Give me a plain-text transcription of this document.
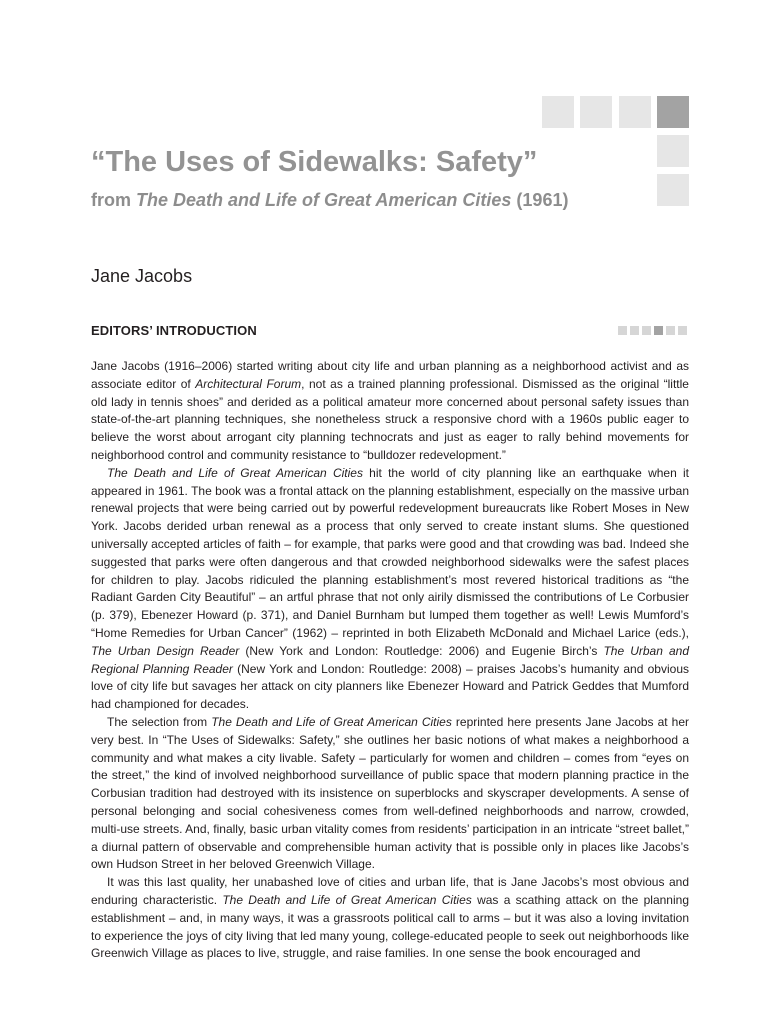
“The Uses of Sidewalks: Safety”
from The Death and Life of Great American Cities (1961)
Jane Jacobs
EDITORS’ INTRODUCTION

Jane Jacobs (1916–2006) started writing about city life and urban planning as a neighborhood activist and as associate editor of Architectural Forum, not as a trained planning professional. Dismissed as the original “little old lady in tennis shoes” and derided as a political amateur more concerned about personal safety issues than state-of-the-art planning techniques, she nonetheless struck a responsive chord with a 1960s public eager to believe the worst about arrogant city planning technocrats and just as eager to rally behind movements for neighborhood control and community resistance to “bulldozer redevelopment.”

The Death and Life of Great American Cities hit the world of city planning like an earthquake when it appeared in 1961. The book was a frontal attack on the planning establishment, especially on the massive urban renewal projects that were being carried out by powerful redevelopment bureaucrats like Robert Moses in New York. Jacobs derided urban renewal as a process that only served to create instant slums. She questioned universally accepted articles of faith – for example, that parks were good and that crowding was bad. Indeed she suggested that parks were often dangerous and that crowded neighborhood sidewalks were the safest places for children to play. Jacobs ridiculed the planning establishment’s most revered historical traditions as “the Radiant Garden City Beautiful” – an artful phrase that not only airily dismissed the contributions of Le Corbusier (p. 379), Ebenezer Howard (p. 371), and Daniel Burnham but lumped them together as well! Lewis Mumford’s “Home Remedies for Urban Cancer” (1962) – reprinted in both Elizabeth McDonald and Michael Larice (eds.), The Urban Design Reader (New York and London: Routledge: 2006) and Eugenie Birch’s The Urban and Regional Planning Reader (New York and London: Routledge: 2008) – praises Jacobs’s humanity and obvious love of city life but savages her attack on city planners like Ebenezer Howard and Patrick Geddes that Mumford had championed for decades.

The selection from The Death and Life of Great American Cities reprinted here presents Jane Jacobs at her very best. In “The Uses of Sidewalks: Safety,” she outlines her basic notions of what makes a neighborhood a community and what makes a city livable. Safety – particularly for women and children – comes from “eyes on the street,” the kind of involved neighborhood surveillance of public space that modern planning practice in the Corbusian tradition had destroyed with its insistence on superblocks and skyscraper developments. A sense of personal belonging and social cohesiveness comes from well-defined neighborhoods and narrow, crowded, multi-use streets. And, finally, basic urban vitality comes from residents’ participation in an intricate “street ballet,” a diurnal pattern of observable and comprehensible human activity that is possible only in places like Jacobs’s own Hudson Street in her beloved Greenwich Village.

It was this last quality, her unabashed love of cities and urban life, that is Jane Jacobs’s most obvious and enduring characteristic. The Death and Life of Great American Cities was a scathing attack on the planning establishment – and, in many ways, it was a grassroots political call to arms – but it was also a loving invitation to experience the joys of city living that led many young, college-educated people to seek out neighborhoods like Greenwich Village as places to live, struggle, and raise families. In one sense the book encouraged and
